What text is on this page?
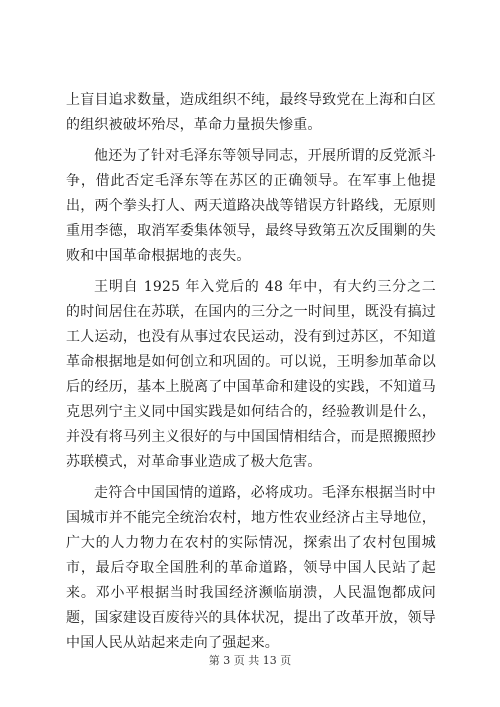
上盲目追求数量，造成组织不纯，最终导致党在上海和白区的组织被破坏殆尽，革命力量损失惨重。

他还为了针对毛泽东等领导同志，开展所谓的反党派斗争，借此否定毛泽东等在苏区的正确领导。在军事上他提出，两个拳头打人、两天道路决战等错误方针路线，无原则重用李德，取消军委集体领导，最终导致第五次反围剿的失败和中国革命根据地的丧失。

王明自 1925 年入党后的 48 年中，有大约三分之二的时间居住在苏联，在国内的三分之一时间里，既没有搞过工人运动，也没有从事过农民运动，没有到过苏区，不知道革命根据地是如何创立和巩固的。可以说，王明参加革命以后的经历，基本上脱离了中国革命和建设的实践，不知道马克思列宁主义同中国实践是如何结合的，经验教训是什么，并没有将马列主义很好的与中国国情相结合，而是照搬照抄苏联模式，对革命事业造成了极大危害。

走符合中国国情的道路，必将成功。毛泽东根据当时中国城市并不能完全统治农村，地方性农业经济占主导地位，广大的人力物力在农村的实际情况，探索出了农村包围城市，最后夺取全国胜利的革命道路，领导中国人民站了起来。邓小平根据当时我国经济濒临崩溃，人民温饱都成问题，国家建设百废待兴的具体状况，提出了改革开放，领导中国人民从站起来走向了强起来。

第 3 页 共 13 页
